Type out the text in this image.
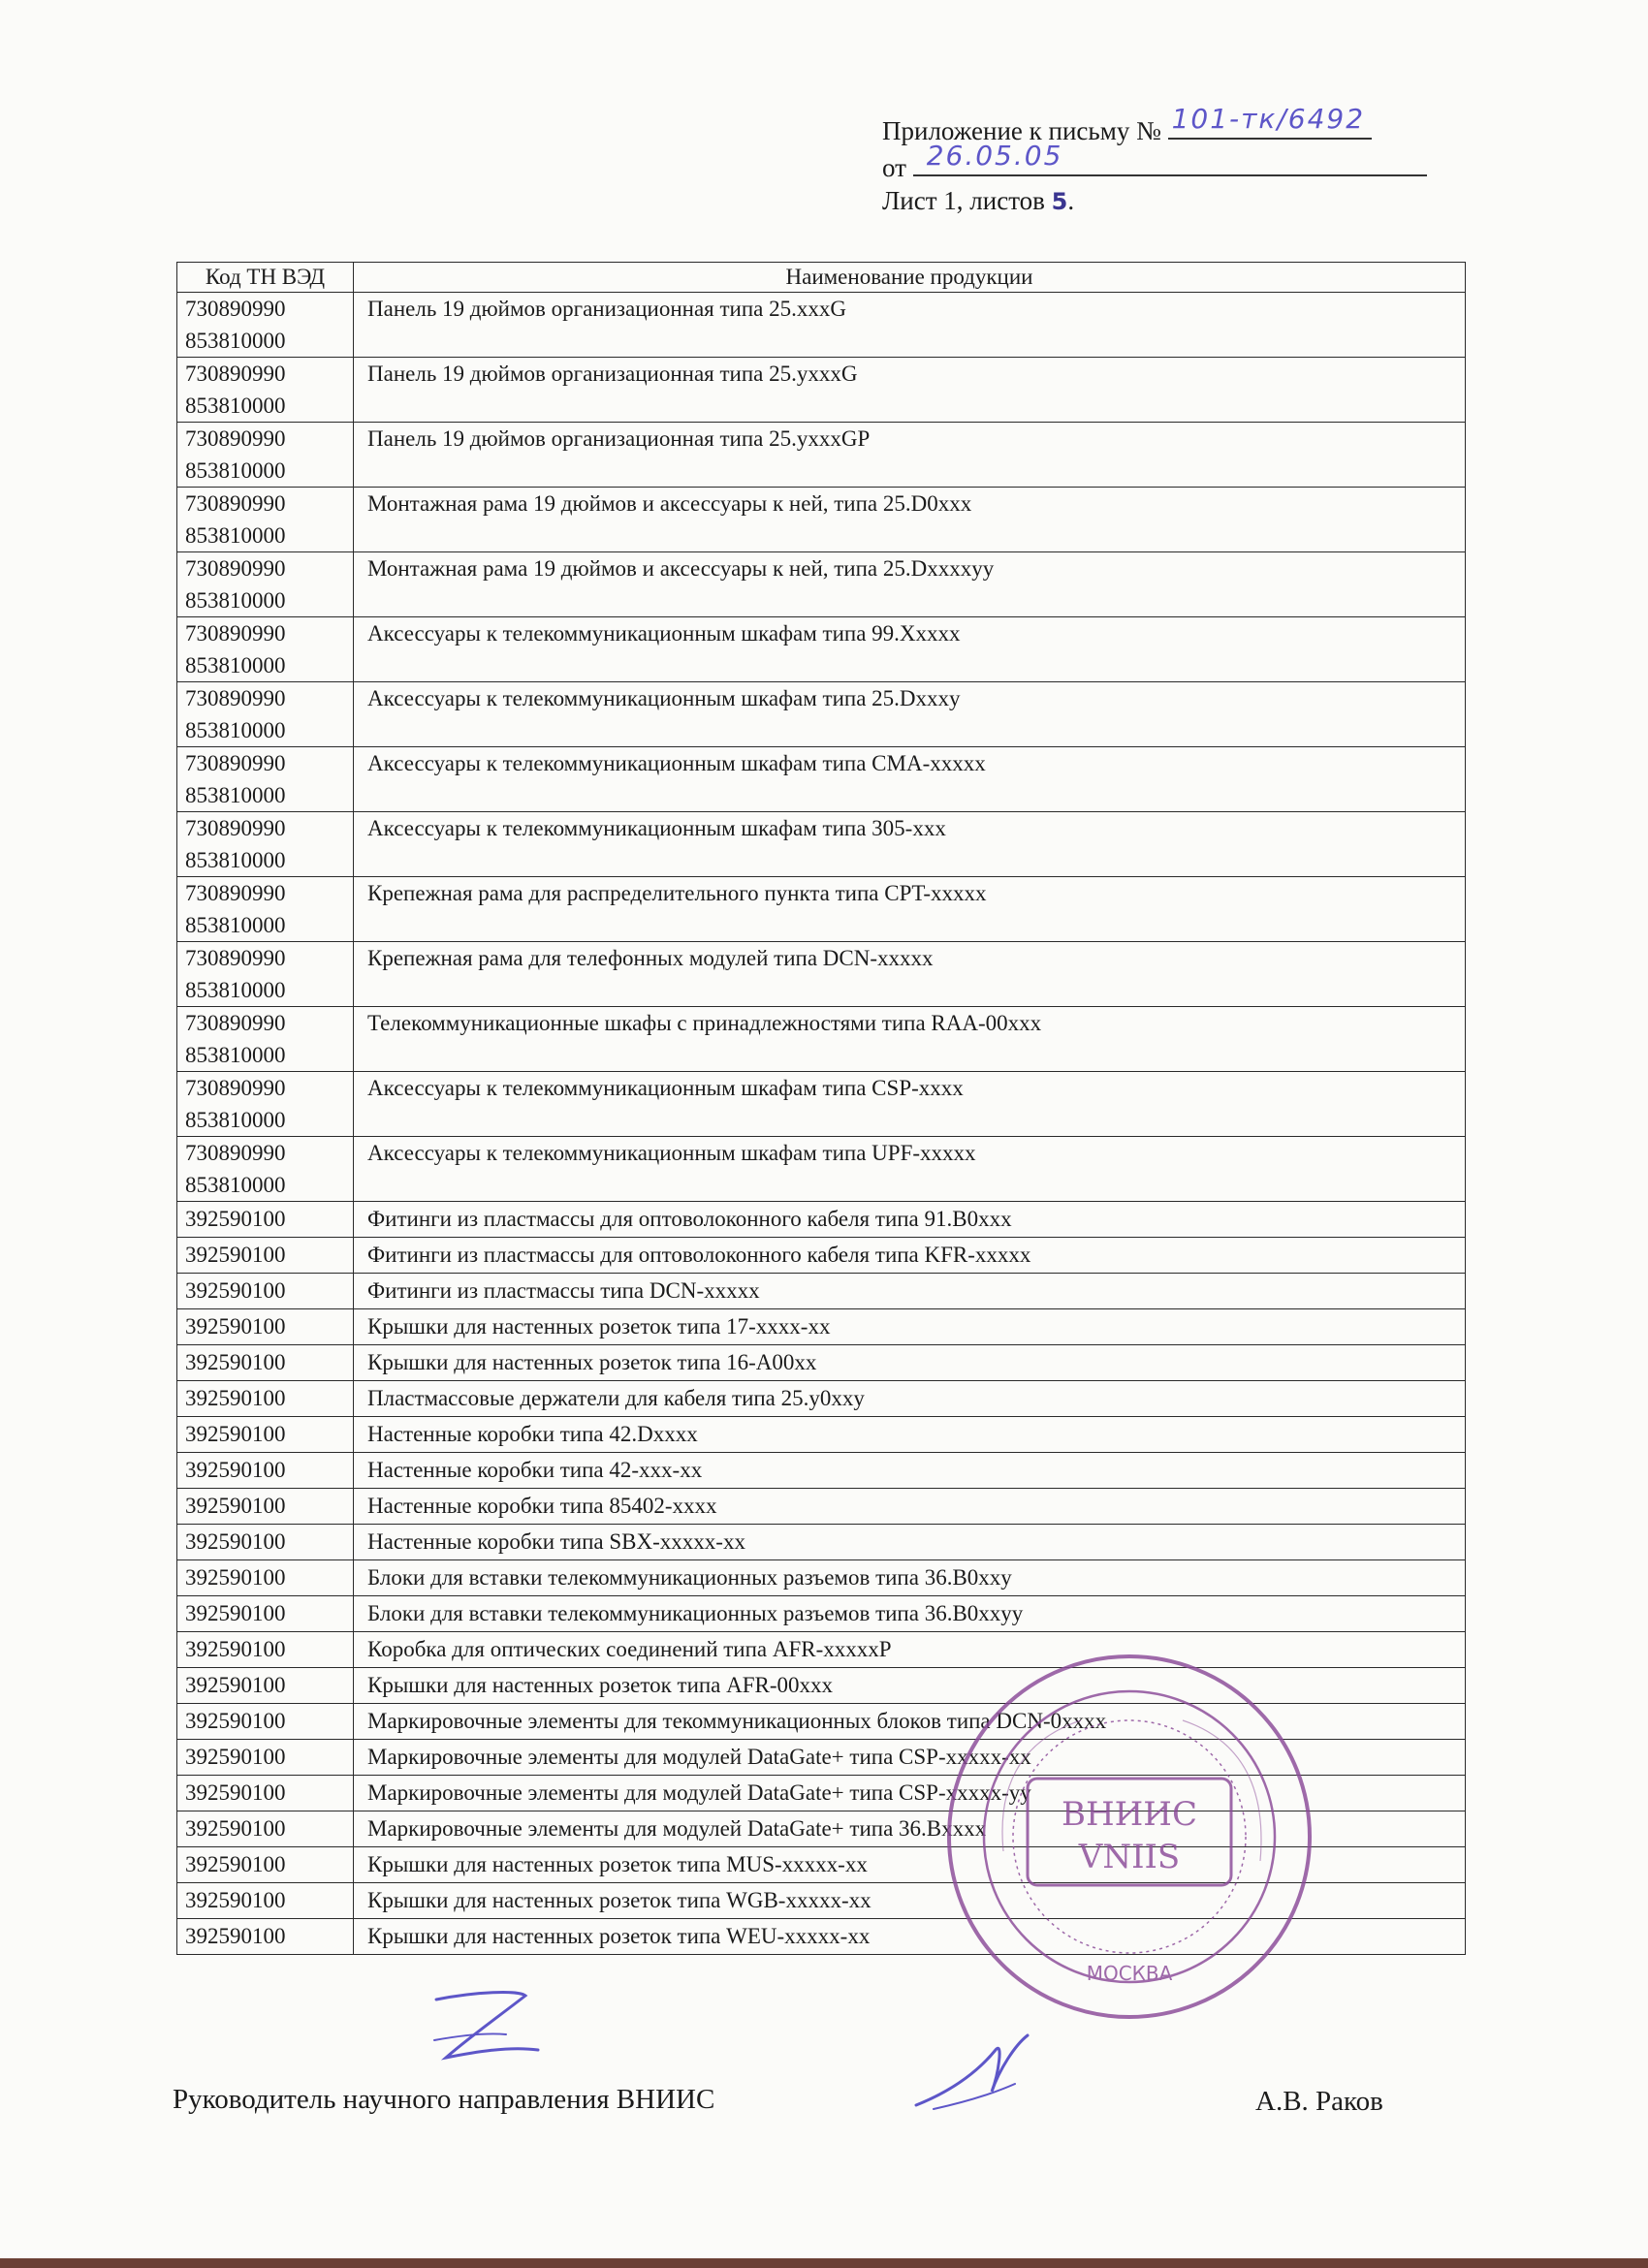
Приложение к письму № 101-тк/6492
от 26.05.05
Лист 1, листов 5.
Код ТН ВЭД	Наименование продукции

730890990
853810000	Панель 19 дюймов организационная типа 25.xxxG

730890990
853810000	Панель 19 дюймов организационная типа 25.yxxxG

730890990
853810000	Панель 19 дюймов организационная типа 25.yxxxGP

730890990
853810000	Монтажная рама 19 дюймов и аксессуары к ней, типа 25.D0xxx

730890990
853810000	Монтажная рама 19 дюймов и аксессуары к ней, типа 25.Dxxxxyy

730890990
853810000	Аксессуары к телекоммуникационным шкафам типа 99.Xxxxx

730890990
853810000	Аксессуары к телекоммуникационным шкафам типа 25.Dxxxy

730890990
853810000	Аксессуары к телекоммуникационным шкафам типа CMA-xxxxx

730890990
853810000	Аксессуары к телекоммуникационным шкафам типа 305-xxx

730890990
853810000	Крепежная рама для распределительного пункта типа CPT-xxxxx

730890990
853810000	Крепежная рама для телефонных модулей типа DCN-xxxxx

730890990
853810000	Телекоммуникационные шкафы с принадлежностями типа RAA-00xxx

730890990
853810000	Аксессуары к телекоммуникационным шкафам типа CSP-xxxx

730890990
853810000	Аксессуары к телекоммуникационным шкафам типа UPF-xxxxx

392590100	Фитинги из пластмассы для оптоволоконного кабеля типа 91.B0xxx

392590100	Фитинги из пластмассы для оптоволоконного кабеля типа KFR-xxxxx

392590100	Фитинги из пластмассы типа DCN-xxxxx

392590100	Крышки для настенных розеток типа 17-xxxx-xx

392590100	Крышки для настенных розеток типа 16-A00xx

392590100	Пластмассовые держатели для кабеля типа 25.y0xxy

392590100	Настенные коробки типа 42.Dxxxx

392590100	Настенные коробки типа 42-xxx-xx

392590100	Настенные коробки типа 85402-xxxx

392590100	Настенные коробки типа SBX-xxxxx-xx

392590100	Блоки для вставки телекоммуникационных разъемов типа 36.B0xxy

392590100	Блоки для вставки телекоммуникационных разъемов типа 36.B0xxyy

392590100	Коробка для оптических соединений типа AFR-xxxxxP

392590100	Крышки для настенных розеток типа AFR-00xxx

392590100	Маркировочные элементы для текоммуникационных блоков типа DCN-0xxxx

392590100	Маркировочные элементы для модулей DataGate+ типа CSP-xxxxx-xx

392590100	Маркировочные элементы для модулей DataGate+ типа CSP-xxxxx-yy

392590100	Маркировочные элементы для модулей DataGate+ типа 36.Bxxxx

392590100	Крышки для настенных розеток типа MUS-xxxxx-xx

392590100	Крышки для настенных розеток типа WGB-xxxxx-xx

392590100	Крышки для настенных розеток типа WEU-xxxxx-xx
ВНИИС
VNIIS
МОСКВА
Руководитель научного направления ВНИИС	А.В. Раков
